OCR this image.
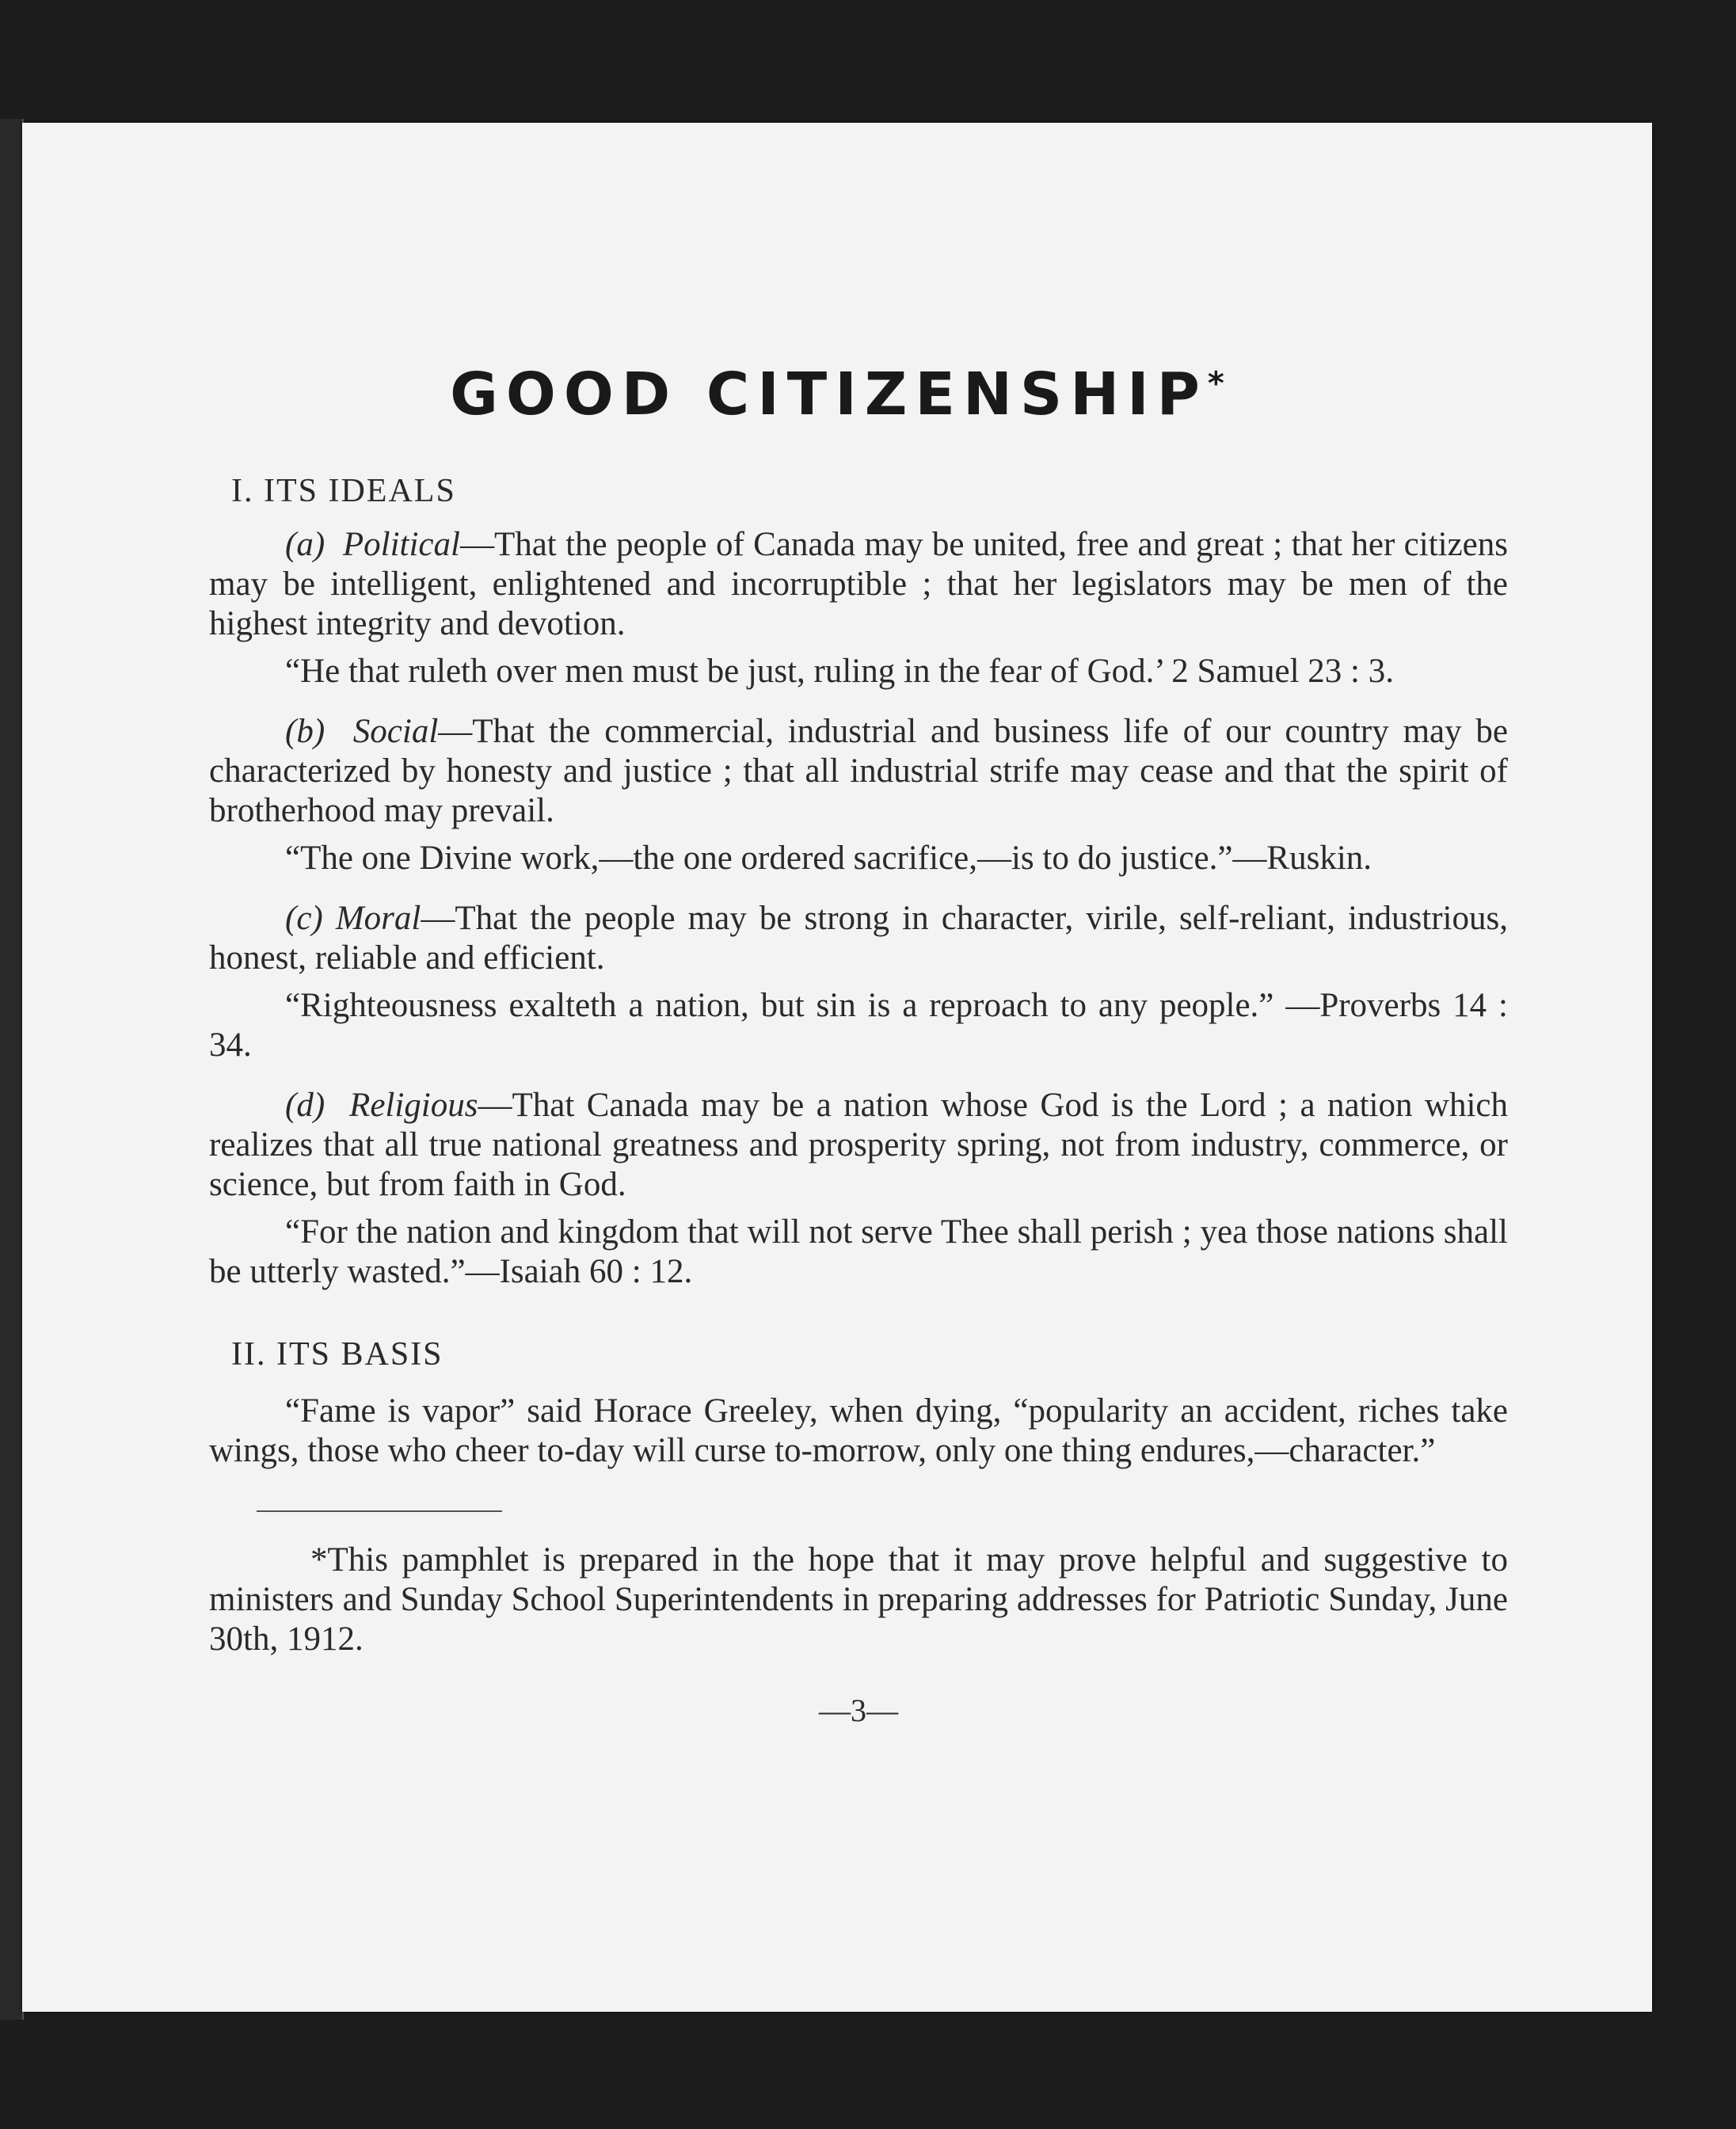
GOOD CITIZENSHIP*
I. ITS IDEALS

(a) Political—That the people of Canada may be united, free and great ; that her citizens may be intelligent, enlightened and incorruptible ; that her legislators may be men of the highest integrity and devotion.

“He that ruleth over men must be just, ruling in the fear of God.’ 2 Samuel 23 : 3.

(b) Social—That the commercial, industrial and business life of our country may be characterized by honesty and justice ; that all industrial strife may cease and that the spirit of brotherhood may prevail.

“The one Divine work,—the one ordered sacrifice,—is to do justice.”—Ruskin.

(c) Moral—That the people may be strong in character, virile, self-reliant, industrious, honest, reliable and efficient.

“Righteousness exalteth a nation, but sin is a reproach to any people.” —Proverbs 14 : 34.

(d) Religious—That Canada may be a nation whose God is the Lord ; a nation which realizes that all true national greatness and prosperity spring, not from industry, commerce, or science, but from faith in God.

“For the nation and kingdom that will not serve Thee shall perish ; yea those nations shall be utterly wasted.”—Isaiah 60 : 12.

II. ITS BASIS

“Fame is vapor” said Horace Greeley, when dying, “popularity an accident, riches take wings, those who cheer to-day will curse to-morrow, only one thing endures,—character.”

*This pamphlet is prepared in the hope that it may prove helpful and suggestive to ministers and Sunday School Superintendents in preparing addresses for Patriotic Sunday, June 30th, 1912.

—3—
